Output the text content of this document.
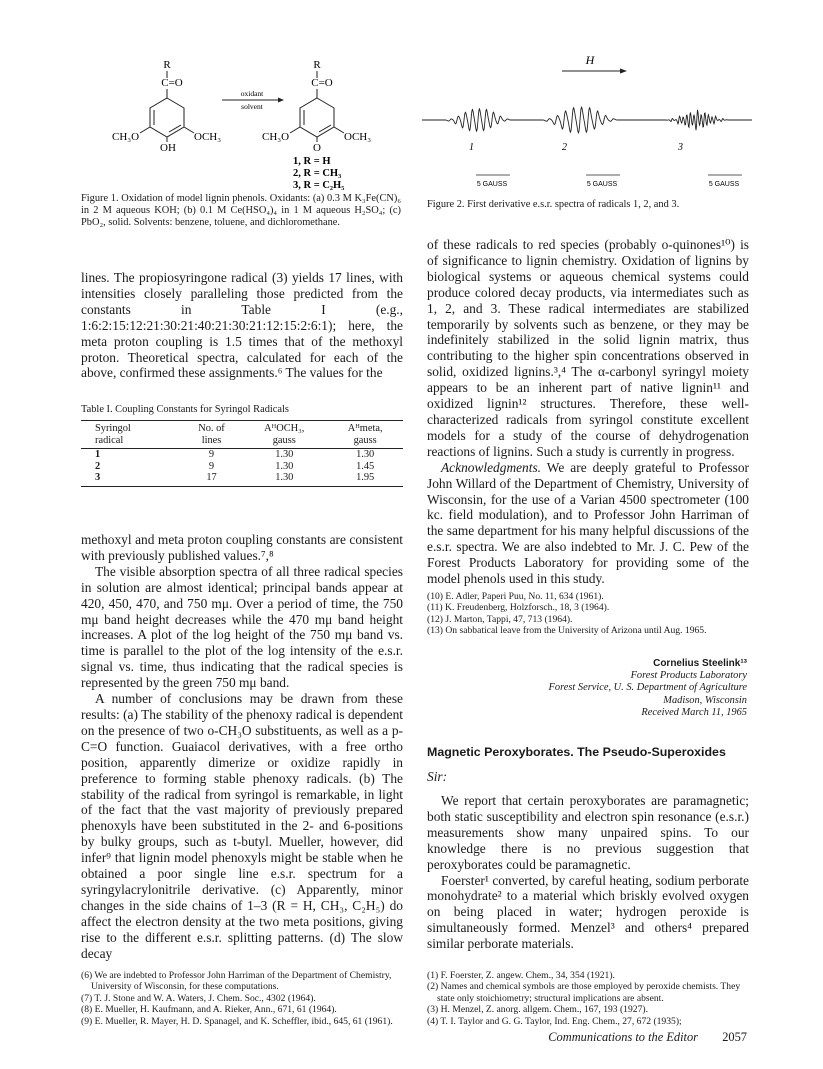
R
C=O
CH₃O	OCH₃
OH
oxidant
solvent
R
C=O
CH₃O	OCH₃
O
1, R = H
2, R = CH₃
3, R = C₂H₅
Figure 1. Oxidation of model lignin phenols. Oxidants: (a) 0.3 M K₃Fe(CN)₆ in 2 M aqueous KOH; (b) 0.1 M Ce(HSO₄)₄ in 1 M aqueous H₂SO₄; (c) PbO₂, solid. Solvents: benzene, toluene, and dichloromethane.
H
1	2	3
5 GAUSS	5 GAUSS	5 GAUSS
Figure 2. First derivative e.s.r. spectra of radicals 1, 2, and 3.

lines. The propiosyringone radical (3) yields 17 lines, with intensities closely paralleling those predicted from the constants in Table I (e.g., 1:6:2:15:12:21:30:21:40:21:30:21:12:15:2:6:1); here, the meta proton coupling is 1.5 times that of the methoxyl proton. Theoretical spectra, calculated for each of the above, confirmed these assignments.⁶ The values for the

Table I. Coupling Constants for Syringol Radicals
Syringol	No. of	AᴴOCH₃,	Aᴴmeta,
radical	lines	gauss	gauss
1	9	1.30	1.30
2	9	1.30	1.45
3	17	1.30	1.95

methoxyl and meta proton coupling constants are consistent with previously published values.⁷,⁸

The visible absorption spectra of all three radical species in solution are almost identical; principal bands appear at 420, 450, 470, and 750 mμ. Over a period of time, the 750 mμ band height decreases while the 470 mμ band height increases. A plot of the log height of the 750 mμ band vs. time is parallel to the plot of the log intensity of the e.s.r. signal vs. time, thus indicating that the radical species is represented by the green 750 mμ band.

A number of conclusions may be drawn from these results: (a) The stability of the phenoxy radical is dependent on the presence of two o-CH₃O substituents, as well as a p-C=O function. Guaiacol derivatives, with a free ortho position, apparently dimerize or oxidize rapidly in preference to forming stable phenoxy radicals. (b) The stability of the radical from syringol is remarkable, in light of the fact that the vast majority of previously prepared phenoxyls have been substituted in the 2- and 6-positions by bulky groups, such as t-butyl. Mueller, however, did infer⁹ that lignin model phenoxyls might be stable when he obtained a poor single line e.s.r. spectrum for a syringylacrylonitrile derivative. (c) Apparently, minor changes in the side chains of 1–3 (R = H, CH₃, C₂H₅) do affect the electron density at the two meta positions, giving rise to the different e.s.r. splitting patterns. (d) The slow decay

(6) We are indebted to Professor John Harriman of the Department of Chemistry, University of Wisconsin, for these computations.
(7) T. J. Stone and W. A. Waters, J. Chem. Soc., 4302 (1964).
(8) E. Mueller, H. Kaufmann, and A. Rieker, Ann., 671, 61 (1964).
(9) E. Mueller, R. Mayer, H. D. Spanagel, and K. Scheffler, ibid., 645, 61 (1961).

of these radicals to red species (probably o-quinones¹⁰) is of significance to lignin chemistry. Oxidation of lignins by biological systems or aqueous chemical systems could produce colored decay products, via intermediates such as 1, 2, and 3. These radical intermediates are stabilized temporarily by solvents such as benzene, or they may be indefinitely stabilized in the solid lignin matrix, thus contributing to the higher spin concentrations observed in solid, oxidized lignins.³,⁴ The α-carbonyl syringyl moiety appears to be an inherent part of native lignin¹¹ and oxidized lignin¹² structures. Therefore, these well-characterized radicals from syringol constitute excellent models for a study of the course of dehydrogenation reactions of lignins. Such a study is currently in progress.

Acknowledgments. We are deeply grateful to Professor John Willard of the Department of Chemistry, University of Wisconsin, for the use of a Varian 4500 spectrometer (100 kc. field modulation), and to Professor John Harriman of the same department for his many helpful discussions of the e.s.r. spectra. We are also indebted to Mr. J. C. Pew of the Forest Products Laboratory for providing some of the model phenols used in this study.

(10) E. Adler, Paperi Puu, No. 11, 634 (1961).
(11) K. Freudenberg, Holzforsch., 18, 3 (1964).
(12) J. Marton, Tappi, 47, 713 (1964).
(13) On sabbatical leave from the University of Arizona until Aug. 1965.
Cornelius Steelink¹³
Forest Products Laboratory
Forest Service, U. S. Department of Agriculture
Madison, Wisconsin
Received March 11, 1965
Magnetic Peroxyborates. The Pseudo-Superoxides
Sir:

We report that certain peroxyborates are paramagnetic; both static susceptibility and electron spin resonance (e.s.r.) measurements show many unpaired spins. To our knowledge there is no previous suggestion that peroxyborates could be paramagnetic.

Foerster¹ converted, by careful heating, sodium perborate monohydrate² to a material which briskly evolved oxygen on being placed in water; hydrogen peroxide is simultaneously formed. Menzel³ and others⁴ prepared similar perborate materials.

(1) F. Foerster, Z. angew. Chem., 34, 354 (1921).
(2) Names and chemical symbols are those employed by peroxide chemists. They state only stoichiometry; structural implications are absent.
(3) H. Menzel, Z. anorg. allgem. Chem., 167, 193 (1927).
(4) T. I. Taylor and G. G. Taylor, Ind. Eng. Chem., 27, 672 (1935);
Communications to the Editor 2057
